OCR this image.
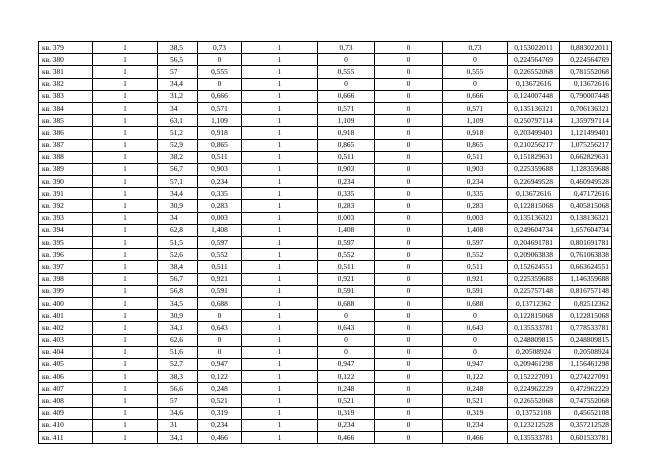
кв. 379	1	38,5	0,73	1	0,73	0	0,73	0,153022011	0,883022011
кв. 380	1	56,5	0	1	0	0	0	0,224564769	0,224564769
кв. 381	1	57	0,555	1	0,555	0	0,555	0,226552068	0,781552068
кв. 382	1	34,4	0	1	0	0	0	0,13672616	0,13672616
кв. 383	1	31,2	0,666	1	0,666	0	0,666	0,124007448	0,790007448
кв. 384	1	34	0,571	1	0,571	0	0,571	0,135136321	0,706136321
кв. 385	1	63,1	1,109	1	1,109	0	1,109	0,250797114	1,359797114
кв. 386	1	51,2	0,918	1	0,918	0	0,918	0,203499401	1,121499401
кв. 387	1	52,9	0,865	1	0,865	0	0,865	0,210256217	1,075256217
кв. 388	1	38,2	0,511	1	0,511	0	0,511	0,151829631	0,662829631
кв. 389	1	56,7	0,903	1	0,903	0	0,903	0,225359688	1,128359688
кв. 390	1	57,1	0,234	1	0,234	0	0,234	0,226949528	0,460949528
кв. 391	1	34,4	0,335	1	0,335	0	0,335	0,13672616	0,47172616
кв. 392	1	30,9	0,283	1	0,283	0	0,283	0,122815068	0,405815068
кв. 393	1	34	0,003	1	0,003	0	0,003	0,135136321	0,138136321
кв. 394	1	62,8	1,408	1	1,408	0	1,408	0,249604734	1,657604734
кв. 395	1	51,5	0,597	1	0,597	0	0,597	0,204691781	0,801691781
кв. 396	1	52,6	0,552	1	0,552	0	0,552	0,209063838	0,761063838
кв. 397	1	38,4	0,511	1	0,511	0	0,511	0,152624551	0,663624551
кв. 398	1	56,7	0,921	1	0,921	0	0,921	0,225359688	1,146359688
кв. 399	1	56,8	0,591	1	0,591	0	0,591	0,225757148	0,816757148
кв. 400	1	34,5	0,688	1	0,688	0	0,688	0,13712362	0,82512362
кв. 401	1	30,9	0	1	0	0	0	0,122815068	0,122815068
кв. 402	1	34,1	0,643	1	0,643	0	0,643	0,135533781	0,778533781
кв. 403	1	62,6	0	1	0	0	0	0,248809815	0,248809815
кв. 404	1	51,6	0	1	0	0	0	0,20508924	0,20508924
кв. 405	1	52,7	0,947	1	0,947	0	0,947	0,209461298	1,156461298
кв. 406	1	38,3	0,122	1	0,122	0	0,122	0,152227091	0,274227091
кв. 407	1	56,6	0,248	1	0,248	0	0,248	0,224962229	0,472962229
кв. 408	1	57	0,521	1	0,521	0	0,521	0,226552068	0,747552068
кв. 409	1	34,6	0,319	1	0,319	0	0,319	0,13752108	0,45652108
кв. 410	1	31	0,234	1	0,234	0	0,234	0,123212528	0,357212528
кв. 411	1	34,1	0,466	1	0,466	0	0,466	0,135533781	0,601533781
